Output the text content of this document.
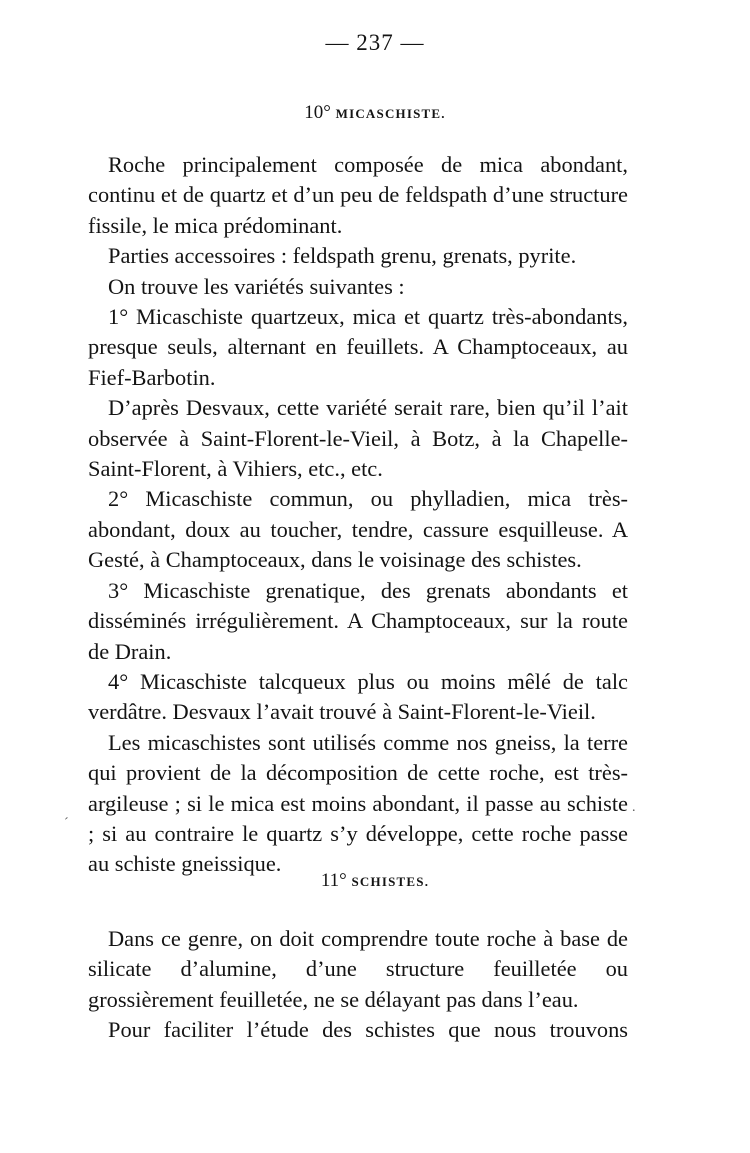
— 237 —
10° MICASCHISTE.

Roche principalement composée de mica abondant, continu et de quartz et d’un peu de feldspath d’une structure fissile, le mica prédominant.

Parties accessoires : feldspath grenu, grenats, pyrite.

On trouve les variétés suivantes :

1° Micaschiste quartzeux, mica et quartz très-abondants, presque seuls, alternant en feuillets. A Champtoceaux, au Fief-Barbotin.

D’après Desvaux, cette variété serait rare, bien qu’il l’ait observée à Saint-Florent-le-Vieil, à Botz, à la Chapelle-Saint-Florent, à Vihiers, etc., etc.

2° Micaschiste commun, ou phylladien, mica très-abondant, doux au toucher, tendre, cassure esquilleuse. A Gesté, à Champtoceaux, dans le voisinage des schistes.

3° Micaschiste grenatique, des grenats abondants et disséminés irrégulièrement. A Champtoceaux, sur la route de Drain.

4° Micaschiste talcqueux plus ou moins mêlé de talc verdâtre. Desvaux l’avait trouvé à Saint-Florent-le-Vieil.

Les micaschistes sont utilisés comme nos gneiss, la terre qui provient de la décomposition de cette roche, est très-argileuse ; si le mica est moins abondant, il passe au schiste ; si au contraire le quartz s’y développe, cette roche passe au schiste gneissique.

ˊ
.
11° SCHISTES.

Dans ce genre, on doit comprendre toute roche à base de silicate d’alumine, d’une structure feuilletée ou grossièrement feuilletée, ne se délayant pas dans l’eau.

Pour faciliter l’étude des schistes que nous trouvons
